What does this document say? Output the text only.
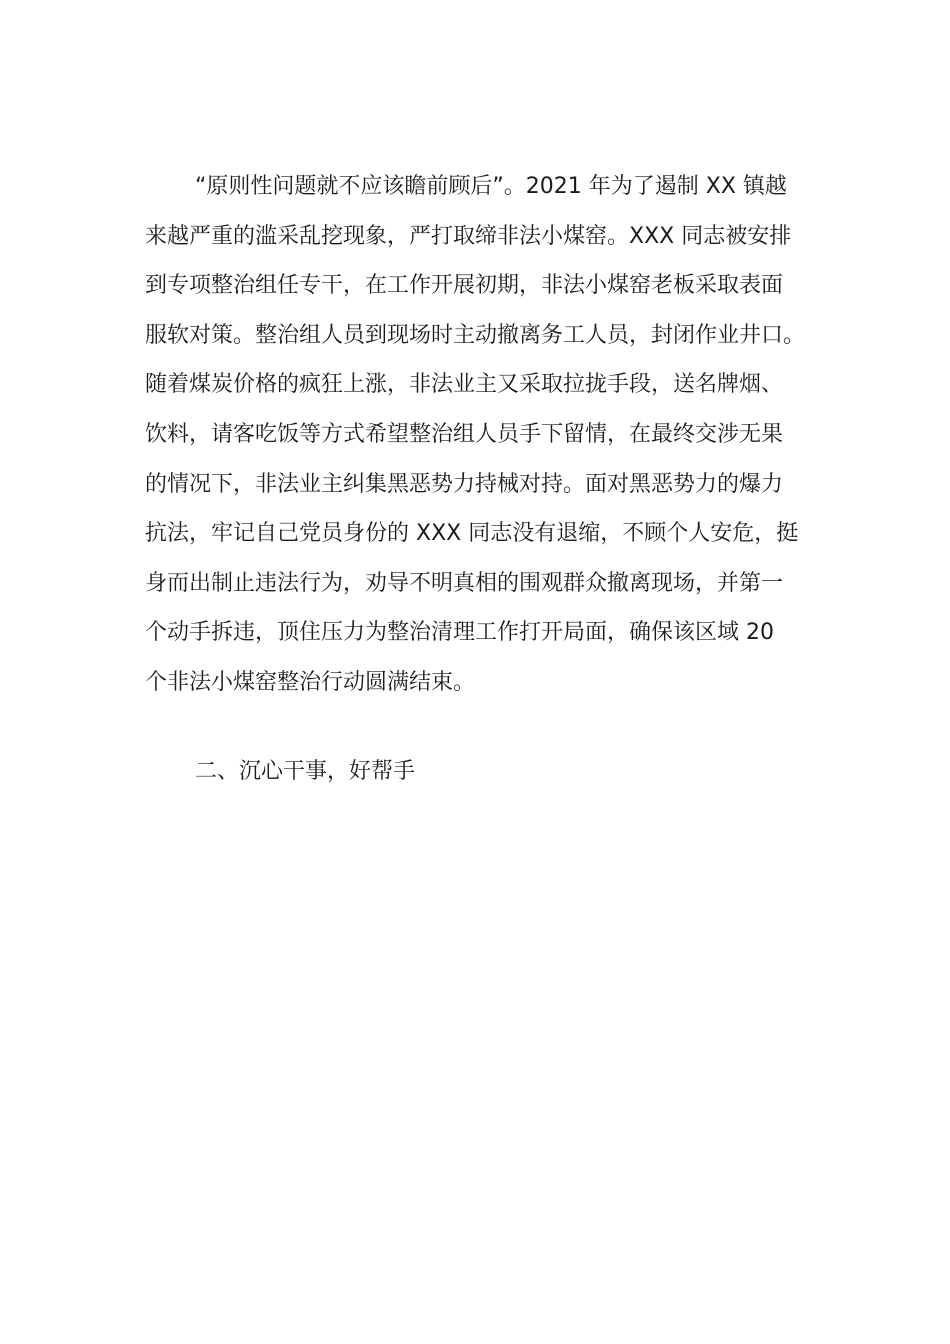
“原则性问题就不应该瞻前顾后”。2021 年为了遏制 XX 镇越
来越严重的滥采乱挖现象，严打取缔非法小煤窑。XXX 同志被安排
到专项整治组任专干，在工作开展初期，非法小煤窑老板采取表面
服软对策。整治组人员到现场时主动撤离务工人员，封闭作业井口。
随着煤炭价格的疯狂上涨，非法业主又采取拉拢手段，送名牌烟、
饮料，请客吃饭等方式希望整治组人员手下留情，在最终交涉无果
的情况下，非法业主纠集黑恶势力持械对持。面对黑恶势力的爆力
抗法，牢记自己党员身份的 XXX 同志没有退缩，不顾个人安危，挺
身而出制止违法行为，劝导不明真相的围观群众撤离现场，并第一
个动手拆违，顶住压力为整治清理工作打开局面，确保该区域 20
个非法小煤窑整治行动圆满结束。

二、沉心干事，好帮手
